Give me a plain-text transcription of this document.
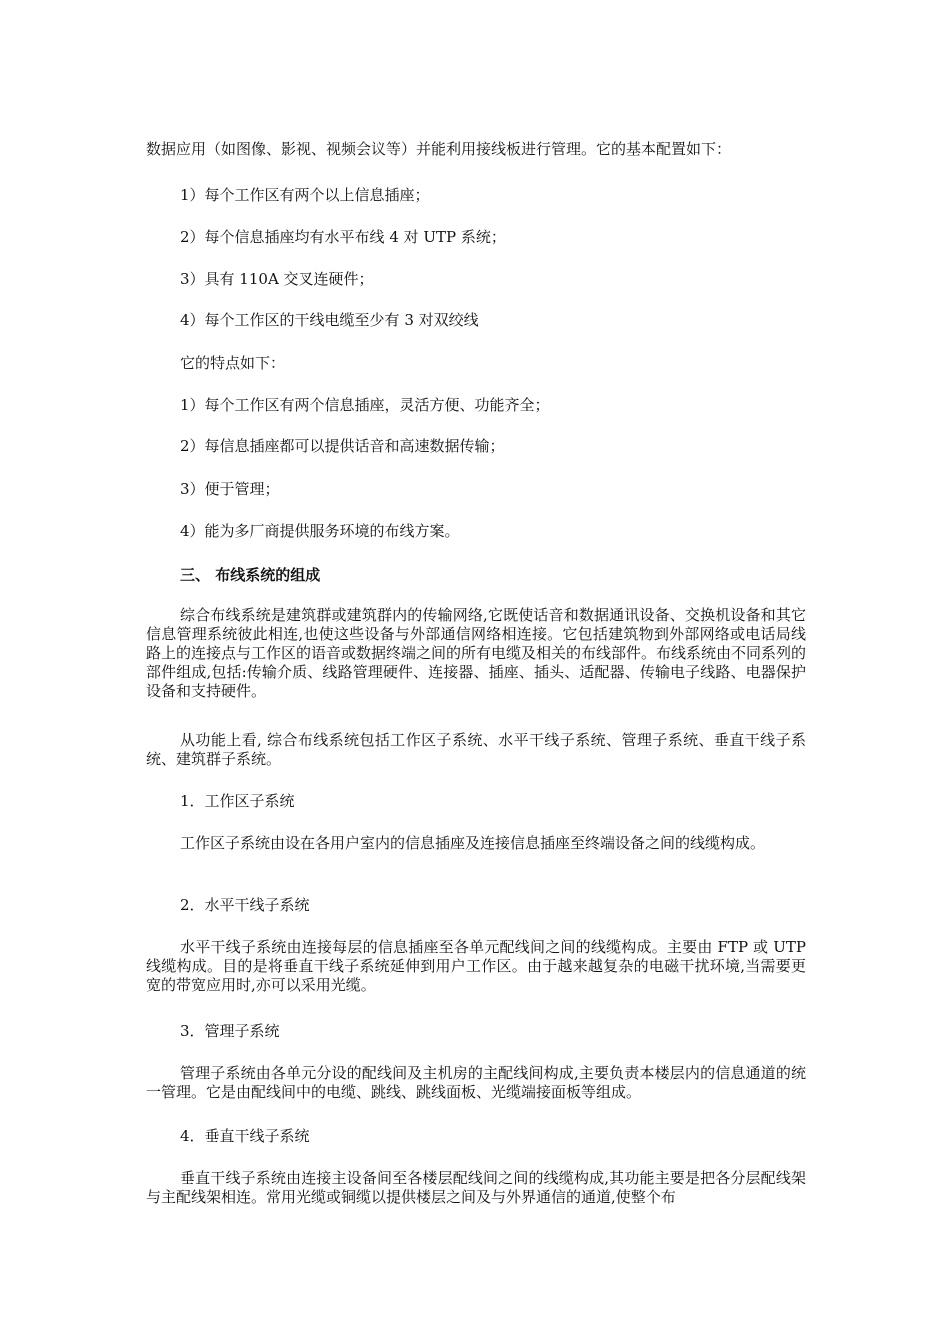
数据应用（如图像、影视、视频会议等）并能利用接线板进行管理。它的基本配置如下：
1）每个工作区有两个以上信息插座；
2）每个信息插座均有水平布线 4 对 UTP 系统；
3）具有 110A 交叉连硬件；
4）每个工作区的干线电缆至少有 3 对双绞线
它的特点如下：
1）每个工作区有两个信息插座，灵活方便、功能齐全；
2）每信息插座都可以提供话音和高速数据传输；
3）便于管理；
4）能为多厂商提供服务环境的布线方案。
三、 布线系统的组成
综合布线系统是建筑群或建筑群内的传输网络,它既使话音和数据通讯设备、交换机设备和其它信息管理系统彼此相连,也使这些设备与外部通信网络相连接。它包括建筑物到外部网络或电话局线路上的连接点与工作区的语音或数据终端之间的所有电缆及相关的布线部件。布线系统由不同系列的部件组成,包括:传输介质、线路管理硬件、连接器、插座、插头、适配器、传输电子线路、电器保护设备和支持硬件。
从功能上看, 综合布线系统包括工作区子系统、水平干线子系统、管理子系统、垂直干线子系统、建筑群子系统。
1．工作区子系统
工作区子系统由设在各用户室内的信息插座及连接信息插座至终端设备之间的线缆构成。
2．水平干线子系统
水平干线子系统由连接每层的信息插座至各单元配线间之间的线缆构成。主要由 FTP 或 UTP 线缆构成。目的是将垂直干线子系统延伸到用户工作区。由于越来越复杂的电磁干扰环境,当需要更宽的带宽应用时,亦可以采用光缆。
3．管理子系统
管理子系统由各单元分设的配线间及主机房的主配线间构成,主要负责本楼层内的信息通道的统一管理。它是由配线间中的电缆、跳线、跳线面板、光缆端接面板等组成。
4．垂直干线子系统
垂直干线子系统由连接主设备间至各楼层配线间之间的线缆构成,其功能主要是把各分层配线架与主配线架相连。常用光缆或铜缆以提供楼层之间及与外界通信的通道,使整个布
